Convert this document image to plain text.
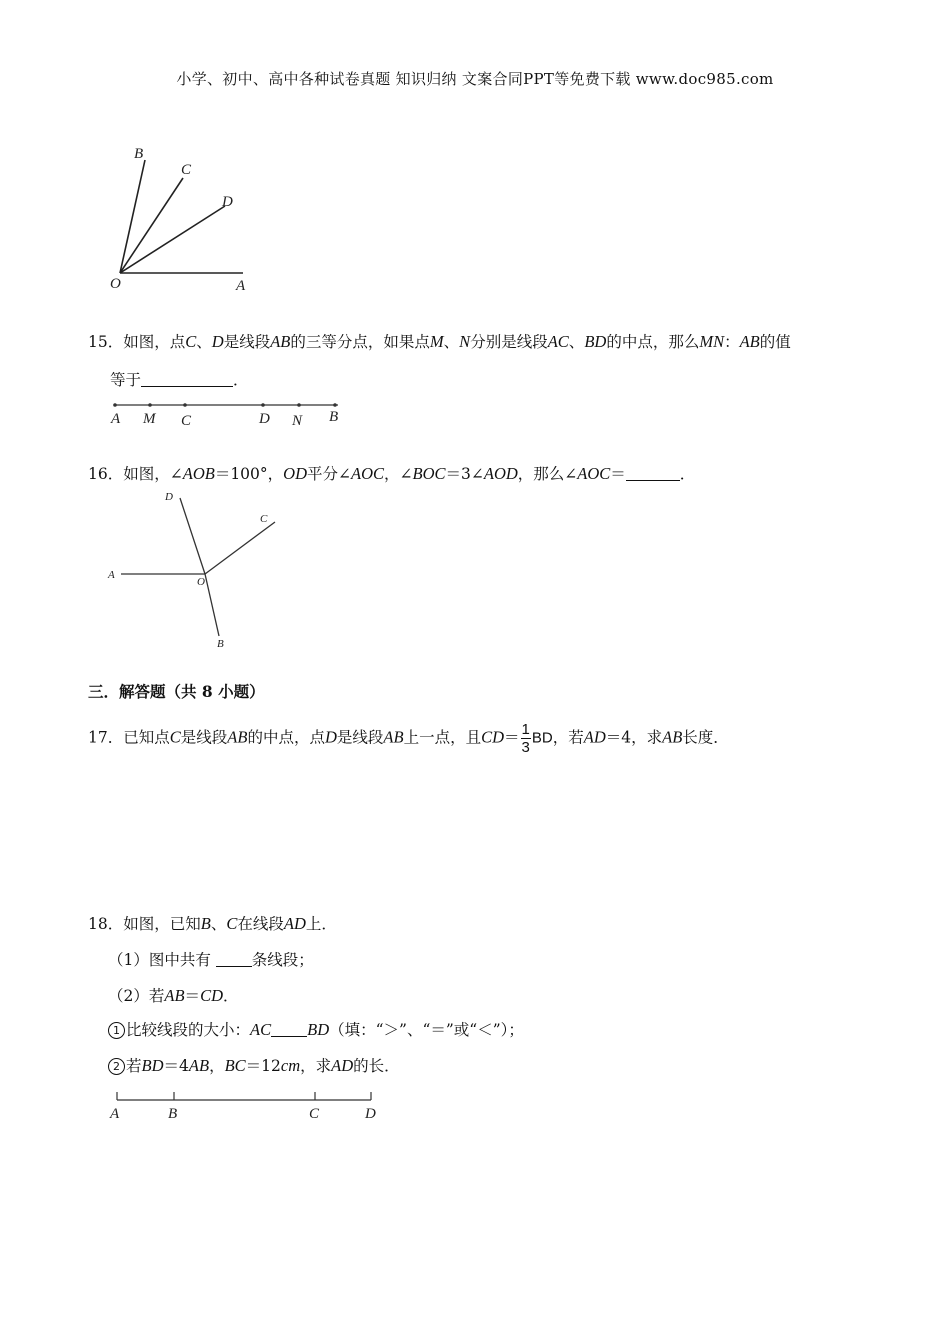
小学、初中、高中各种试卷真题 知识归纳 文案合同PPT等免费下载 www.doc985.com
B
C
D
O	A
15．如图，点C、D是线段AB的三等分点，如果点M、N分别是线段AC、BD的中点，那么MN：AB的值
等于	．
A M C	D N B
16．如图，∠AOB＝100°，OD平分∠AOC，∠BOC＝3∠AOD，那么∠AOC＝	．
D
C
A
O
B
三．解答题（共 8 小题）
17．已知点C是线段AB的中点，点D是线段AB上一点，且$CD= \frac{1}{3}$ BD，若AD＝4，求AB长度．
18．如图，已知B、C在线段AD上．
（1）图中共有 条线段；
（2）若AB＝CD．
1 比较线段的大小：AC BD（填：“＞”、“＝”或“＜”）；
2 若BD＝4AB，BC＝12cm，求AD的长．
A	B	C	D
